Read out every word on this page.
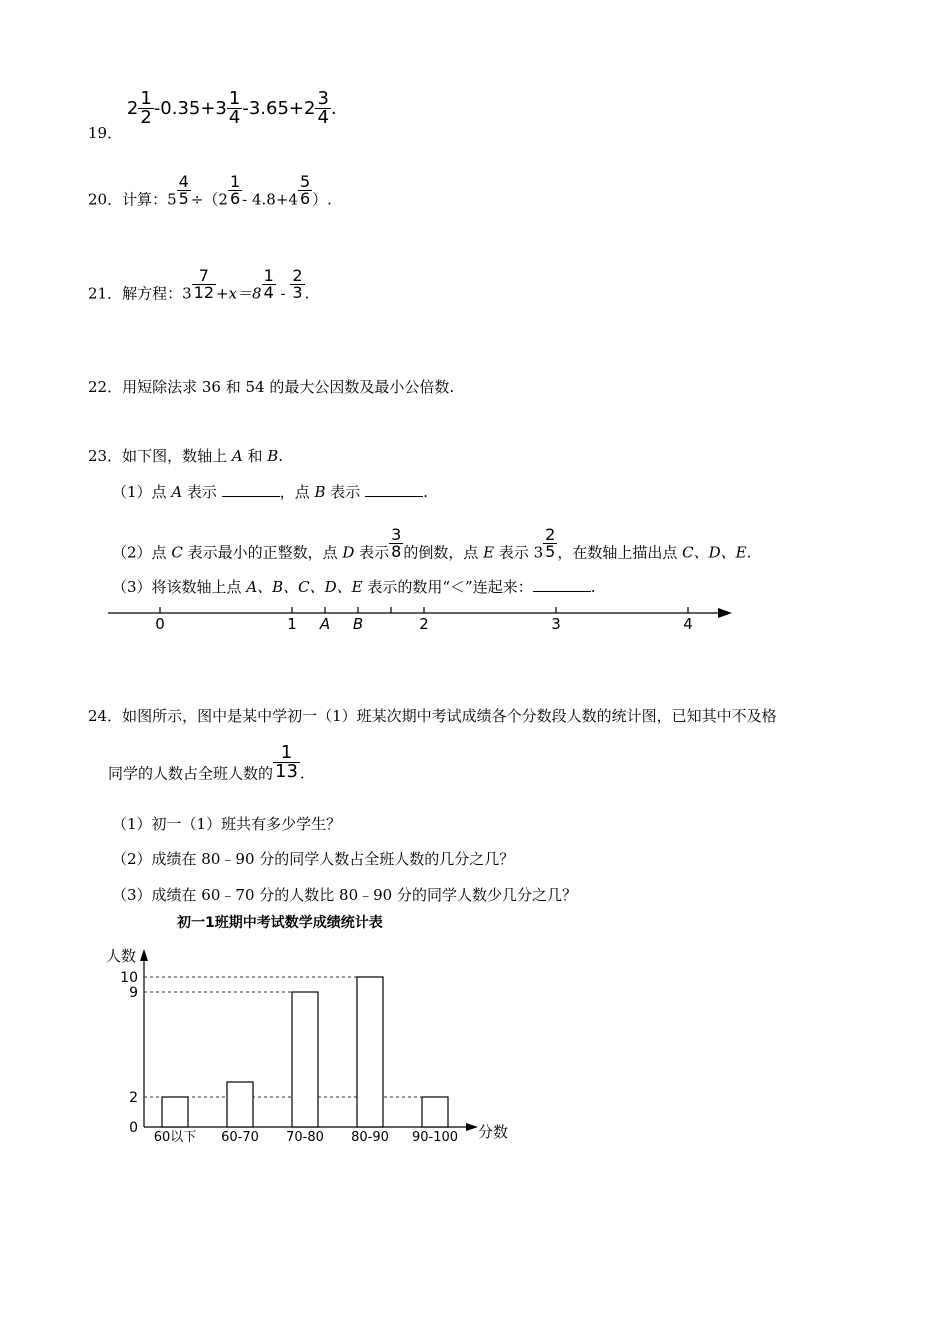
19． $2 \frac{1}{2} -0.35+3 \frac{1}{4} -3.65+2 \frac{3}{4}$ .
20．计算：$5 \frac{4}{5} \div(2 \frac{1}{6} - 4.8+4 \frac{5}{6}$ ）.
21．解方程：$3 \frac{7}{12} +x=8 \frac{1}{4} - \frac{2}{3}$ .
22．用短除法求 36 和 54 的最大公因数及最小公倍数.
23．如下图，数轴上 A 和 B.
（1）点 A 表示	，点 B 表示	.
（2）点 C 表示最小的正整数，点 D 表示 $\frac{3}{8}$ 的倒数，点 E 表示 $3 \frac{2}{5}$ ，在数轴上描出点 C、D、E.
（3）将该数轴上点 A、B、C、D、E 表示的数用“＜”连起来：	.
0	1 A B	2	3	4
24．如图所示，图中是某中学初一（1）班某次期中考试成绩各个分数段人数的统计图，已知其中不及格
同学的人数占全班人数的 $\frac{1}{13}$ .
（1）初一（1）班共有多少学生？
（2）成绩在 80﹣90 分的同学人数占全班人数的几分之几？
（3）成绩在 60﹣70 分的人数比 80﹣90 分的同学人数少几分之几？
初一1班期中考试数学成绩统计表
人数
分数
0
2
9
10
60以下 60-70 70-80 80-90 90-100
